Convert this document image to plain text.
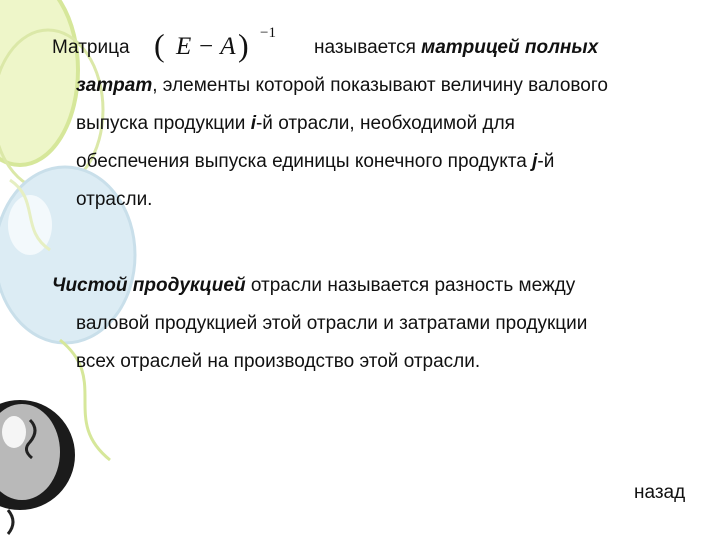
Матрица ( E − A ) −1
называется матрицей полных
затрат, элементы которой показывают величину валового
выпуска продукции i-й отрасли, необходимой для
обеспечения выпуска единицы конечного продукта j-й
отрасли.
Чистой продукцией отрасли называется разность между
валовой продукцией этой отрасли и затратами продукции
всех отраслей на производство этой отрасли.
назад
